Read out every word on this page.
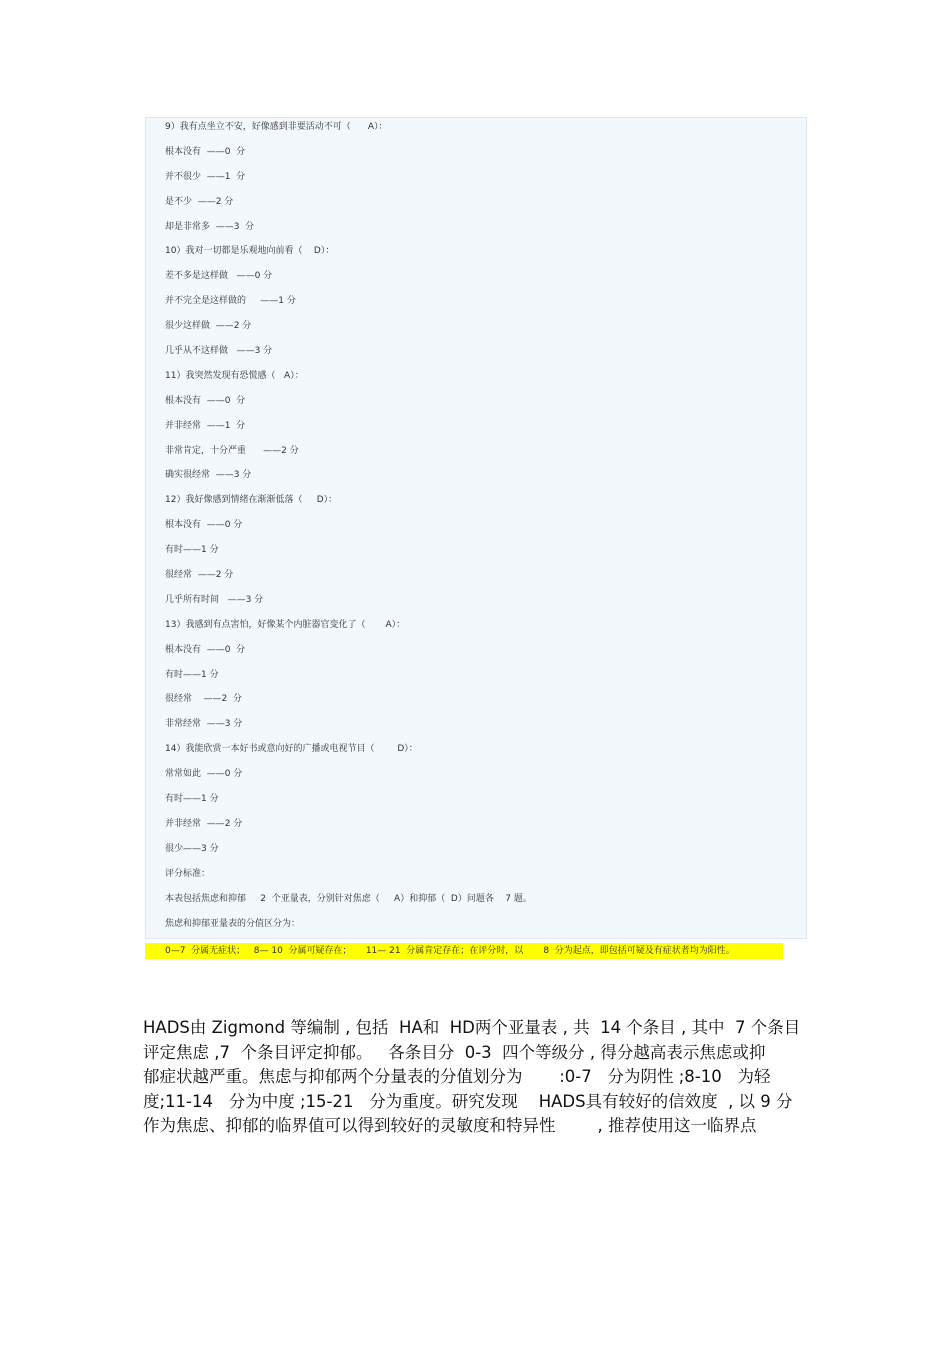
9）我有点坐立不安，好像感到非要活动不可（      A）：
根本没有  ——0  分
并不很少  ——1  分
是不少  ——2 分
却是非常多  ——3  分
10）我对一切都是乐观地向前看（    D）：
差不多是这样做   ——0 分
并不完全是这样做的     ——1 分
很少这样做  ——2 分
几乎从不这样做   ——3 分
11）我突然发现有恐慌感（   A）：
根本没有  ——0  分
并非经常  ——1  分
非常肯定，十分严重      ——2 分
确实很经常  ——3 分
12）我好像感到情绪在渐渐低落（     D）：
根本没有  ——0 分
有时——1 分
很经常  ——2 分
几乎所有时间   ——3 分
13）我感到有点害怕，好像某个内脏器官变化了（       A）：
根本没有  ——0  分
有时——1 分
很经常    ——2  分
非常经常  ——3 分
14）我能欣赏一本好书或意向好的广播或电视节目（        D）：
常常如此  ——0 分
有时——1 分
并非经常  ——2 分
很少——3 分
评分标准：
本表包括焦虑和抑郁     2  个亚量表，分别针对焦虑（     A）和抑郁（  D）问题各    7 题。
焦虑和抑郁亚量表的分值区分为：
0—7  分属无症状；   8— 10  分属可疑存在；     11— 21  分属肯定存在；在评分时，以       8  分为起点，即包括可疑及有症状者均为阳性。
HADS由 Zigmond 等编制 , 包括  HA和  HD两个亚量表 , 共  14 个条目 , 其中  7 个条目
评定焦虑 ,7  个条目评定抑郁。   各条目分  0-3  四个等级分 , 得分越高表示焦虑或抑
郁症状越严重。焦虑与抑郁两个分量表的分值划分为       :0-7   分为阴性 ;8-10   为轻
度;11-14   分为中度 ;15-21   分为重度。研究发现    HADS具有较好的信效度  , 以 9 分
作为焦虑、抑郁的临界值可以得到较好的灵敏度和特异性        , 推荐使用这一临界点
